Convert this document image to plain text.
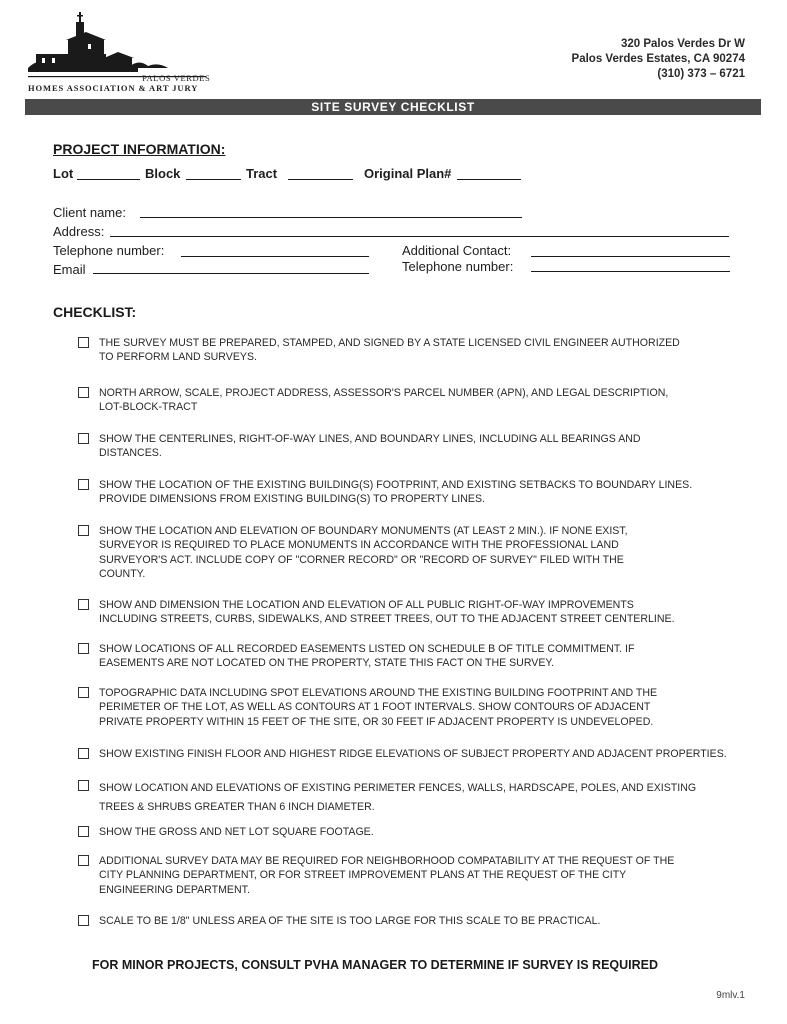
PALOS VERDES
HOMES ASSOCIATION & ART JURY
320 Palos Verdes Dr W
Palos Verdes Estates, CA 90274
(310) 373 – 6721
SITE SURVEY CHECKLIST
PROJECT INFORMATION:
Lot	Block	Tract	Original Plan#
Client name:
Address:
Telephone number:
Email
Additional Contact:
Telephone number:
CHECKLIST:
THE SURVEY MUST BE PREPARED, STAMPED, AND SIGNED BY A STATE LICENSED CIVIL ENGINEER AUTHORIZED
TO PERFORM LAND SURVEYS.
NORTH ARROW, SCALE, PROJECT ADDRESS, ASSESSOR'S PARCEL NUMBER (APN), AND LEGAL DESCRIPTION,
LOT-BLOCK-TRACT
SHOW THE CENTERLINES, RIGHT-OF-WAY LINES, AND BOUNDARY LINES, INCLUDING ALL BEARINGS AND
DISTANCES.
SHOW THE LOCATION OF THE EXISTING BUILDING(S) FOOTPRINT, AND EXISTING SETBACKS TO BOUNDARY LINES.
PROVIDE DIMENSIONS FROM EXISTING BUILDING(S) TO PROPERTY LINES.
SHOW THE LOCATION AND ELEVATION OF BOUNDARY MONUMENTS (AT LEAST 2 MIN.). IF NONE EXIST,
SURVEYOR IS REQUIRED TO PLACE MONUMENTS IN ACCORDANCE WITH THE PROFESSIONAL LAND
SURVEYOR'S ACT. INCLUDE COPY OF "CORNER RECORD" OR "RECORD OF SURVEY" FILED WITH THE
COUNTY.
SHOW AND DIMENSION THE LOCATION AND ELEVATION OF ALL PUBLIC RIGHT-OF-WAY IMPROVEMENTS
INCLUDING STREETS, CURBS, SIDEWALKS, AND STREET TREES, OUT TO THE ADJACENT STREET CENTERLINE.
SHOW LOCATIONS OF ALL RECORDED EASEMENTS LISTED ON SCHEDULE B OF TITLE COMMITMENT. IF
EASEMENTS ARE NOT LOCATED ON THE PROPERTY, STATE THIS FACT ON THE SURVEY.
TOPOGRAPHIC DATA INCLUDING SPOT ELEVATIONS AROUND THE EXISTING BUILDING FOOTPRINT AND THE
PERIMETER OF THE LOT, AS WELL AS CONTOURS AT 1 FOOT INTERVALS. SHOW CONTOURS OF ADJACENT
PRIVATE PROPERTY WITHIN 15 FEET OF THE SITE, OR 30 FEET IF ADJACENT PROPERTY IS UNDEVELOPED.
SHOW EXISTING FINISH FLOOR AND HIGHEST RIDGE ELEVATIONS OF SUBJECT PROPERTY AND ADJACENT PROPERTIES.
SHOW LOCATION AND ELEVATIONS OF EXISTING PERIMETER FENCES, WALLS, HARDSCAPE, POLES, AND EXISTING
TREES & SHRUBS GREATER THAN 6 INCH DIAMETER.
SHOW THE GROSS AND NET LOT SQUARE FOOTAGE.
ADDITIONAL SURVEY DATA MAY BE REQUIRED FOR NEIGHBORHOOD COMPATABILITY AT THE REQUEST OF THE
CITY PLANNING DEPARTMENT, OR FOR STREET IMPROVEMENT PLANS AT THE REQUEST OF THE CITY
ENGINEERING DEPARTMENT.
SCALE TO BE 1/8" UNLESS AREA OF THE SITE IS TOO LARGE FOR THIS SCALE TO BE PRACTICAL.
FOR MINOR PROJECTS, CONSULT PVHA MANAGER TO DETERMINE IF SURVEY IS REQUIRED
9mlv.1
